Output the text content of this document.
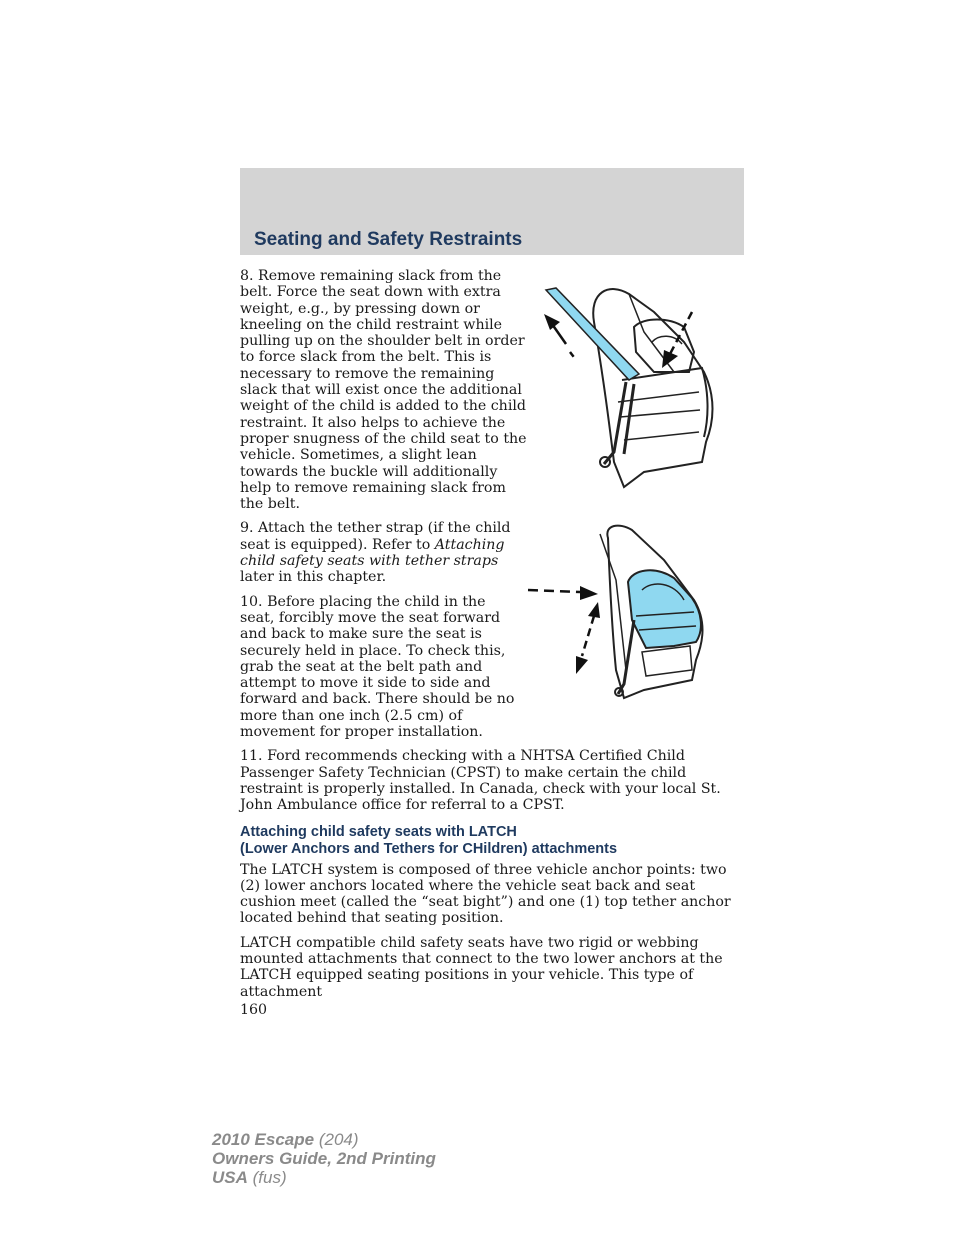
Seating and Safety Restraints

8. Remove remaining slack from the belt. Force the seat down with extra weight, e.g., by pressing down or kneeling on the child restraint while pulling up on the shoulder belt in order to force slack from the belt. This is necessary to remove the remaining slack that will exist once the additional weight of the child is added to the child restraint. It also helps to achieve the proper snugness of the child seat to the vehicle. Sometimes, a slight lean towards the buckle will additionally help to remove remaining slack from the belt.

9. Attach the tether strap (if the child seat is equipped). Refer to Attaching child safety seats with tether straps later in this chapter.

10. Before placing the child in the seat, forcibly move the seat forward and back to make sure the seat is securely held in place. To check this, grab the seat at the belt path and attempt to move it side to side and forward and back. There should be no more than one inch (2.5 cm) of movement for proper installation.

11. Ford recommends checking with a NHTSA Certified Child Passenger Safety Technician (CPST) to make certain the child restraint is properly installed. In Canada, check with your local St. John Ambulance office for referral to a CPST.

Attaching child safety seats with LATCH
(Lower Anchors and Tethers for CHildren) attachments

The LATCH system is composed of three vehicle anchor points: two (2) lower anchors located where the vehicle seat back and seat cushion meet (called the “seat bight”) and one (1) top tether anchor located behind that seating position.

LATCH compatible child safety seats have two rigid or webbing mounted attachments that connect to the two lower anchors at the LATCH equipped seating positions in your vehicle. This type of attachment

160

2010 Escape (204)
Owners Guide, 2nd Printing
USA (fus)
